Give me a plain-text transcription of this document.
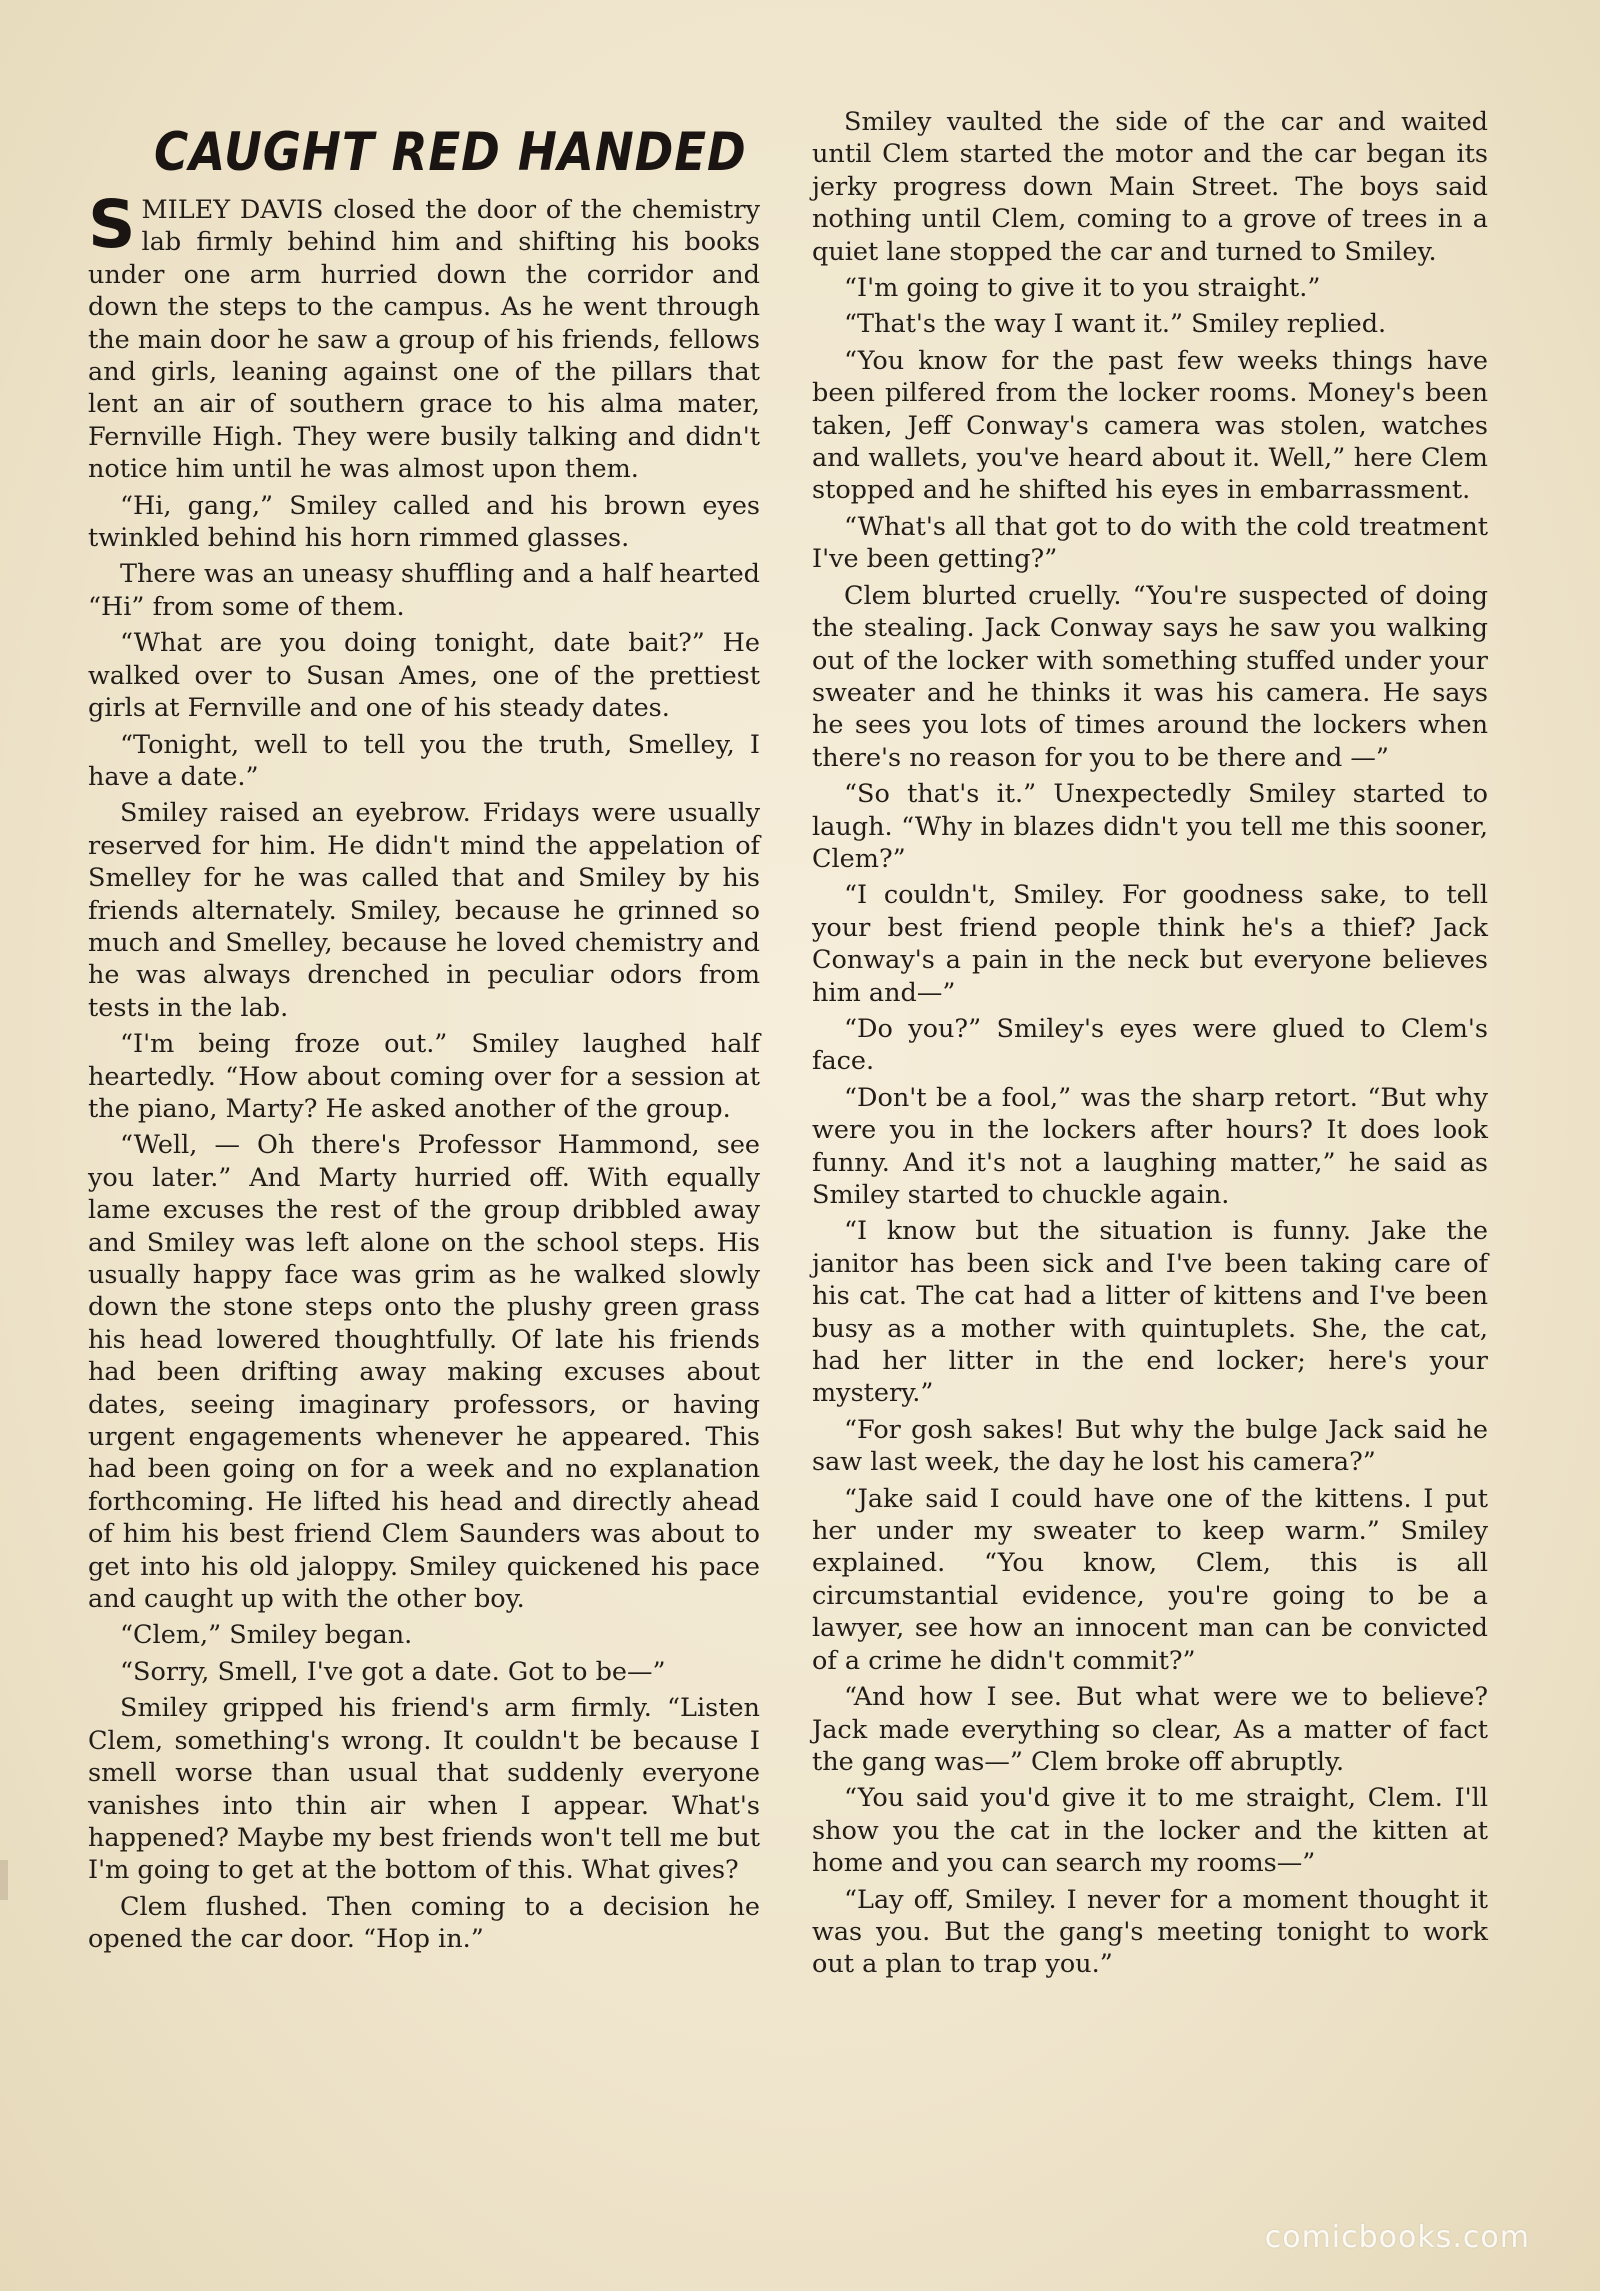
CAUGHT RED HANDED

SMILEY DAVIS closed the door of the chemistry lab firmly behind him and shifting his books under one arm hurried down the corridor and down the steps to the campus. As he went through the main door he saw a group of his friends, fellows and girls, leaning against one of the pillars that lent an air of southern grace to his alma mater, Fernville High. They were busily talking and didn't notice him until he was almost upon them.

“Hi, gang,” Smiley called and his brown eyes twinkled behind his horn rimmed glasses.

There was an uneasy shuffling and a half hearted “Hi” from some of them.

“What are you doing tonight, date bait?” He walked over to Susan Ames, one of the prettiest girls at Fernville and one of his steady dates.

“Tonight, well to tell you the truth, Smelley, I have a date.”

Smiley raised an eyebrow. Fridays were usually reserved for him. He didn't mind the appelation of Smelley for he was called that and Smiley by his friends alternately. Smiley, because he grinned so much and Smelley, because he loved chemistry and he was always drenched in peculiar odors from tests in the lab.

“I'm being froze out.” Smiley laughed half heartedly. “How about coming over for a session at the piano, Marty? He asked another of the group.

“Well, — Oh there's Professor Hammond, see you later.” And Marty hurried off. With equally lame excuses the rest of the group dribbled away and Smiley was left alone on the school steps. His usually happy face was grim as he walked slowly down the stone steps onto the plushy green grass his head lowered thoughtfully. Of late his friends had been drifting away making excuses about dates, seeing imaginary professors, or having urgent engagements whenever he appeared. This had been going on for a week and no explanation forthcoming. He lifted his head and directly ahead of him his best friend Clem Saunders was about to get into his old jaloppy. Smiley quickened his pace and caught up with the other boy.

“Clem,” Smiley began.

“Sorry, Smell, I've got a date. Got to be—”

Smiley gripped his friend's arm firmly. “Listen Clem, something's wrong. It couldn't be because I smell worse than usual that suddenly everyone vanishes into thin air when I appear. What's happened? Maybe my best friends won't tell me but I'm going to get at the bottom of this. What gives?

Clem flushed. Then coming to a decision he opened the car door. “Hop in.”

Smiley vaulted the side of the car and waited until Clem started the motor and the car began its jerky progress down Main Street. The boys said nothing until Clem, coming to a grove of trees in a quiet lane stopped the car and turned to Smiley.

“I'm going to give it to you straight.”

“That's the way I want it.” Smiley replied.

“You know for the past few weeks things have been pilfered from the locker rooms. Money's been taken, Jeff Conway's camera was stolen, watches and wallets, you've heard about it. Well,” here Clem stopped and he shifted his eyes in embarrassment.

“What's all that got to do with the cold treatment I've been getting?”

Clem blurted cruelly. “You're suspected of doing the stealing. Jack Conway says he saw you walking out of the locker with something stuffed under your sweater and he thinks it was his camera. He says he sees you lots of times around the lockers when there's no reason for you to be there and —”

“So that's it.” Unexpectedly Smiley started to laugh. “Why in blazes didn't you tell me this sooner, Clem?”

“I couldn't, Smiley. For goodness sake, to tell your best friend people think he's a thief? Jack Conway's a pain in the neck but everyone believes him and—”

“Do you?” Smiley's eyes were glued to Clem's face.

“Don't be a fool,” was the sharp retort. “But why were you in the lockers after hours? It does look funny. And it's not a laughing matter,” he said as Smiley started to chuckle again.

“I know but the situation is funny. Jake the janitor has been sick and I've been taking care of his cat. The cat had a litter of kittens and I've been busy as a mother with quintuplets. She, the cat, had her litter in the end locker; here's your mystery.”

“For gosh sakes! But why the bulge Jack said he saw last week, the day he lost his camera?”

“Jake said I could have one of the kittens. I put her under my sweater to keep warm.” Smiley explained. “You know, Clem, this is all circumstantial evidence, you're going to be a lawyer, see how an innocent man can be convicted of a crime he didn't commit?”

“And how I see. But what were we to believe? Jack made everything so clear, As a matter of fact the gang was—” Clem broke off abruptly.

“You said you'd give it to me straight, Clem. I'll show you the cat in the locker and the kitten at home and you can search my rooms—”

“Lay off, Smiley. I never for a moment thought it was you. But the gang's meeting tonight to work out a plan to trap you.”

comicbooks.com
